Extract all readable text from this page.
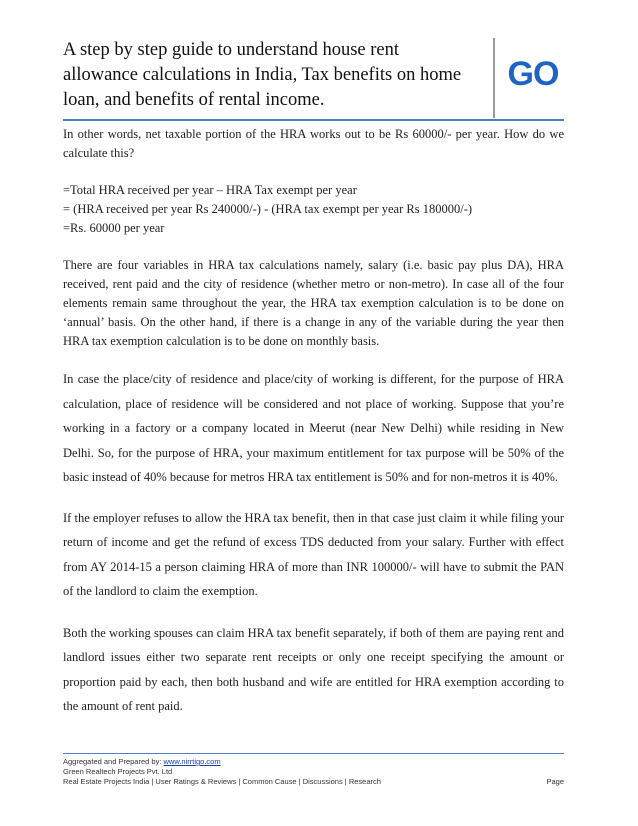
A step by step guide to understand house rent
allowance calculations in India, Tax benefits on home
loan, and benefits of rental income.
GO

In other words, net taxable portion of the HRA works out to be Rs 60000/- per year. How do we calculate this?

=Total HRA received per year – HRA Tax exempt per year

= (HRA received per year Rs 240000/-) - (HRA tax exempt per year Rs 180000/-)

=Rs. 60000 per year

There are four variables in HRA tax calculations namely, salary (i.e. basic pay plus DA), HRA received, rent paid and the city of residence (whether metro or non-metro). In case all of the four elements remain same throughout the year, the HRA tax exemption calculation is to be done on ‘annual’ basis. On the other hand, if there is a change in any of the variable during the year then HRA tax exemption calculation is to be done on monthly basis.

In case the place/city of residence and place/city of working is different, for the purpose of HRA calculation, place of residence will be considered and not place of working. Suppose that you’re working in a factory or a company located in Meerut (near New Delhi) while residing in New Delhi. So, for the purpose of HRA, your maximum entitlement for tax purpose will be 50% of the basic instead of 40% because for metros HRA tax entitlement is 50% and for non-metros it is 40%.

If the employer refuses to allow the HRA tax benefit, then in that case just claim it while filing your return of income and get the refund of excess TDS deducted from your salary. Further with effect from AY 2014-15 a person claiming HRA of more than INR 100000/- will have to submit the PAN of the landlord to claim the exemption.

Both the working spouses can claim HRA tax benefit separately, if both of them are paying rent and landlord issues either two separate rent receipts or only one receipt specifying the amount or proportion paid by each, then both husband and wife are entitled for HRA exemption according to the amount of rent paid.

Aggregated and Prepared by: www.nirrtigo.com
Green Realtech Projects Pvt. Ltd
Real Estate Projects India | User Ratings & Reviews | Common Cause | Discussions | Research	Page
